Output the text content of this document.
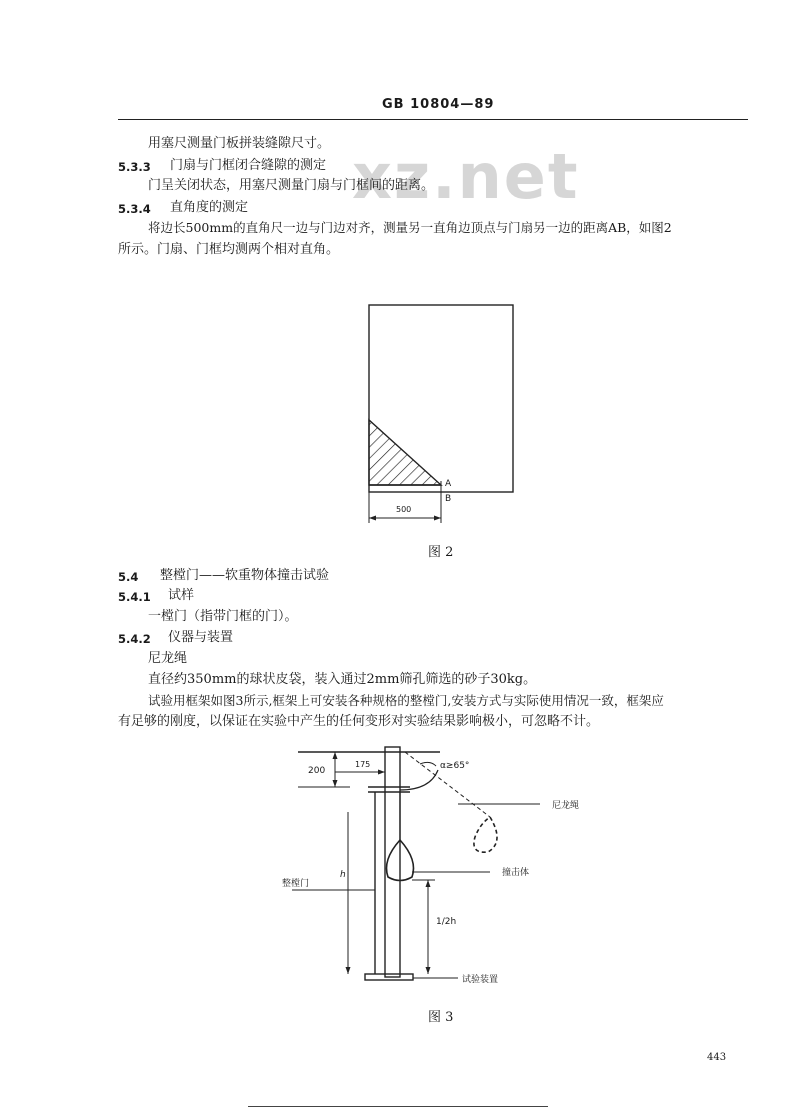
xz.net
GB 10804—89
用塞尺测量门板拼装缝隙尺寸。
5.3.3 门扇与门框闭合缝隙的测定
门呈关闭状态，用塞尺测量门扇与门框间的距离。
5.3.4 直角度的测定
将边长500mm的直角尺一边与门边对齐，测量另一直角边顶点与门扇另一边的距离AB，如图2
所示。门扇、门框均测两个相对直角。
A
B
500
图 2
5.4 整樘门——软重物体撞击试验
5.4.1 试样
一樘门（指带门框的门）。
5.4.2 仪器与装置
尼龙绳
直径约350mm的球状皮袋，装入通过2mm筛孔筛选的砂子30kg。
试验用框架如图3所示,框架上可安装各种规格的整樘门,安装方式与实际使用情况一致，框架应
有足够的刚度，以保证在实验中产生的任何变形对实验结果影响极小，可忽略不计。
200
175	α≥65°
尼龙绳
撞击体
h
整樘门
1/2h
试验装置
图 3
443
